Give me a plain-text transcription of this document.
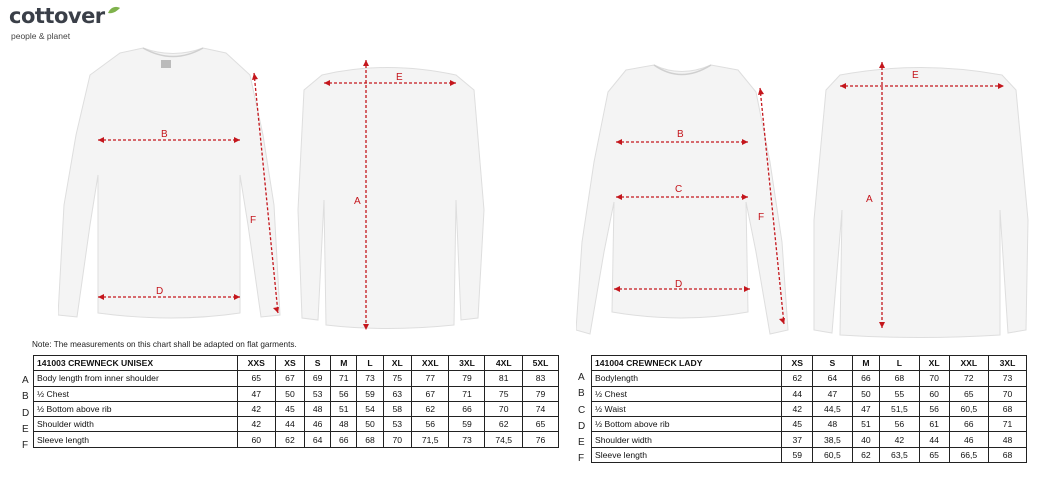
cottover
people & planet
B
D
F
E
A
B
C
D
F
E
A
Note: The measurements on this chart shall be adapted on flat garments.
A
B
D
E
F
141003 CREWNECK UNISEX	XXS	XS	S	M	L	XL	XXL	3XL	4XL	5XL
Body length from inner shoulder	65	67	69	71	73	75	77	79	81	83
½ Chest	47	50	53	56	59	63	67	71	75	79
½ Bottom above rib	42	45	48	51	54	58	62	66	70	74
Shoulder width	42	44	46	48	50	53	56	59	62	65
Sleeve length	60	62	64	66	68	70	71,5	73	74,5	76
A
B
C
D
E
F
141004 CREWNECK LADY	XS	S	M	L	XL	XXL	3XL
Bodylength	62	64	66	68	70	72	73
½ Chest	44	47	50	55	60	65	70
½ Waist	42	44,5	47	51,5	56	60,5	68
½ Bottom above rib	45	48	51	56	61	66	71
Shoulder width	37	38,5	40	42	44	46	48
Sleeve length	59	60,5	62	63,5	65	66,5	68
